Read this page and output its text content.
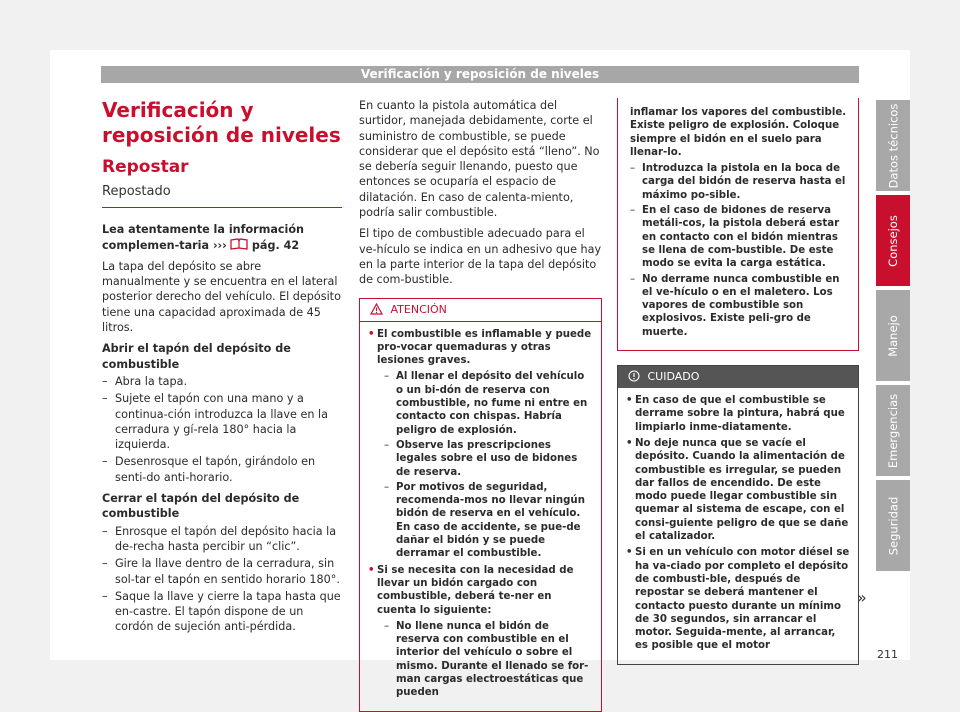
Verificación y reposición de niveles
Verificación y reposición de niveles
Repostar
Repostado

Lea atentamente la información complemen-taria ››› pág. 42

La tapa del depósito se abre manualmente y se encuentra en el lateral posterior derecho del vehículo. El depósito tiene una capacidad aproximada de 45 litros.

Abrir el tapón del depósito de combustible

– Abra la tapa.
– Sujete el tapón con una mano y a continua-ción introduzca la llave en la cerradura y gí-rela 180° hacia la izquierda.
– Desenrosque el tapón, girándolo en senti-do anti-horario.

Cerrar el tapón del depósito de combustible

– Enrosque el tapón del depósito hacia la de-recha hasta percibir un “clic”.
– Gire la llave dentro de la cerradura, sin sol-tar el tapón en sentido horario 180°.
– Saque la llave y cierre la tapa hasta que en-castre. El tapón dispone de un cordón de sujeción anti-pérdida.

En cuanto la pistola automática del surtidor, manejada debidamente, corte el suministro de combustible, se puede considerar que el depósito está “lleno”. No se debería seguir llenando, puesto que entonces se ocuparía el espacio de dilatación. En caso de calenta-miento, podría salir combustible.

El tipo de combustible adecuado para el ve-hículo se indica en un adhesivo que hay en la parte interior de la tapa del depósito de com-bustible.

ATENCIÓN

• El combustible es inflamable y puede pro-vocar quemaduras y otras lesiones graves.

– Al llenar el depósito del vehículo o un bi-dón de reserva con combustible, no fume ni entre en contacto con chispas. Habría peligro de explosión.
– Observe las prescripciones legales sobre el uso de bidones de reserva.
– Por motivos de seguridad, recomenda-mos no llevar ningún bidón de reserva en el vehículo. En caso de accidente, se pue-de dañar el bidón y se puede derramar el combustible.

• Si se necesita con la necesidad de llevar un bidón cargado con combustible, deberá te-ner en cuenta lo siguiente:

– No llene nunca el bidón de reserva con combustible en el interior del vehículo o sobre el mismo. Durante el llenado se for-man cargas electroestáticas que pueden

inflamar los vapores del combustible. Existe peligro de explosión. Coloque siempre el bidón en el suelo para llenar-lo.

– Introduzca la pistola en la boca de carga del bidón de reserva hasta el máximo po-sible.
– En el caso de bidones de reserva metáli-cos, la pistola deberá estar en contacto con el bidón mientras se llena de com-bustible. De este modo se evita la carga estática.
– No derrame nunca combustible en el ve-hículo o en el maletero. Los vapores de combustible son explosivos. Existe peli-gro de muerte.
CUIDADO

• En caso de que el combustible se derrame sobre la pintura, habrá que limpiarlo inme-diatamente.

• No deje nunca que se vacíe el depósito. Cuando la alimentación de combustible es irregular, se pueden dar fallos de encendido. De este modo puede llegar combustible sin quemar al sistema de escape, con el consi-guiente peligro de que se dañe el catalizador.

• Si en un vehículo con motor diésel se ha va-ciado por completo el depósito de combusti-ble, después de repostar se deberá mantener el contacto puesto durante un mínimo de 30 segundos, sin arrancar el motor. Seguida-mente, al arrancar, es posible que el motor

»
Datos técnicos
Consejos
Manejo
Emergencias
Seguridad
211
